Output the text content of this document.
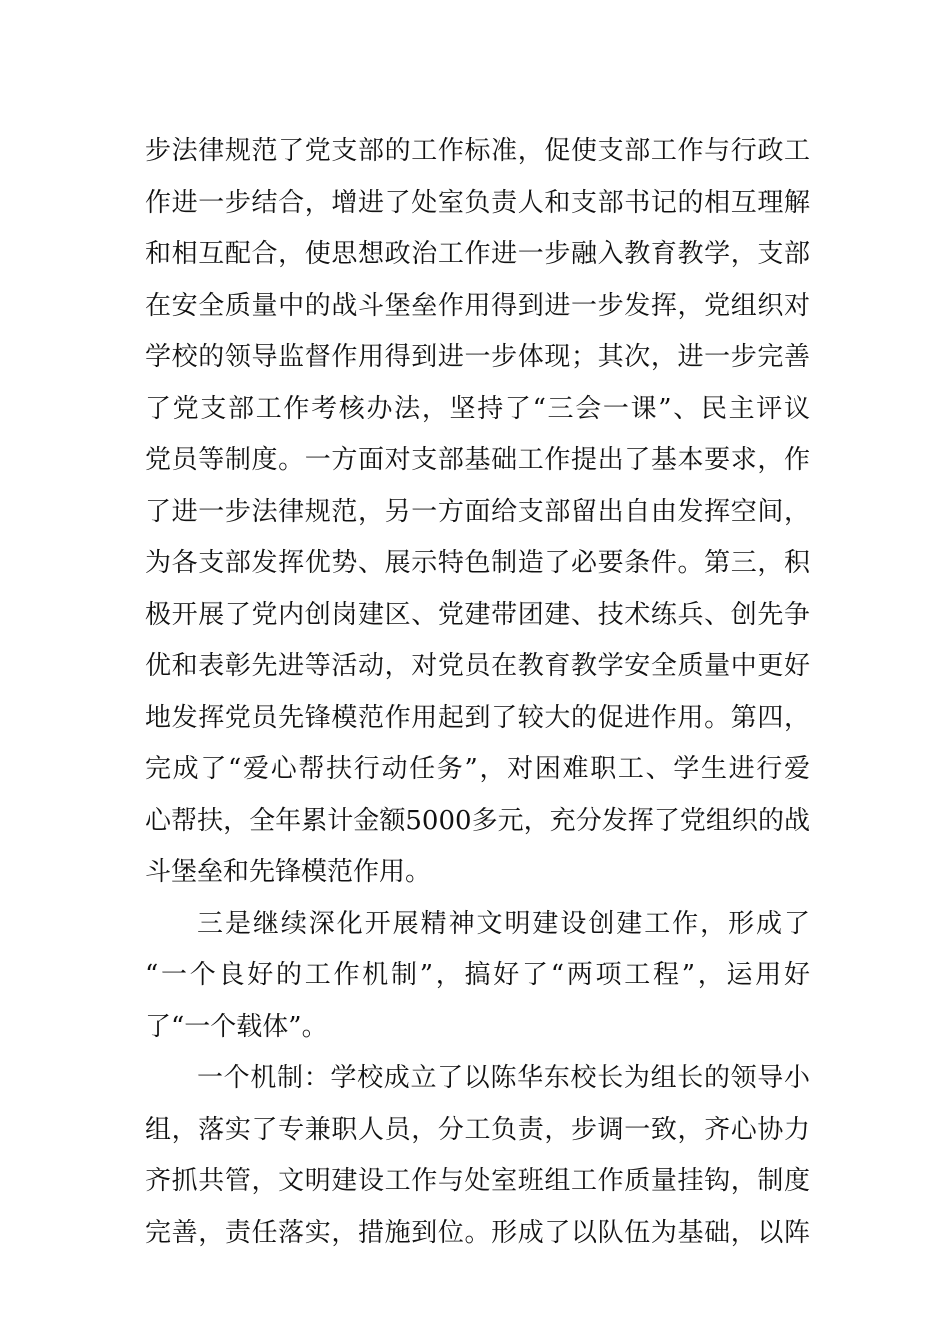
步法律规范了党支部的工作标准，促使支部工作与行政工
作进一步结合，增进了处室负责人和支部书记的相互理解
和相互配合，使思想政治工作进一步融入教育教学，支部
在安全质量中的战斗堡垒作用得到进一步发挥，党组织对
学校的领导监督作用得到进一步体现；其次，进一步完善
了党支部工作考核办法，坚持了“三会一课”、民主评议
党员等制度。一方面对支部基础工作提出了基本要求，作
了进一步法律规范，另一方面给支部留出自由发挥空间，
为各支部发挥优势、展示特色制造了必要条件。第三，积
极开展了党内创岗建区、党建带团建、技术练兵、创先争
优和表彰先进等活动，对党员在教育教学安全质量中更好
地发挥党员先锋模范作用起到了较大的促进作用。第四，
完成了“爱心帮扶行动任务”，对困难职工、学生进行爱
心帮扶，全年累计金额5000多元，充分发挥了党组织的战
斗堡垒和先锋模范作用。
三是继续深化开展精神文明建设创建工作，形成了
“一个良好的工作机制”，搞好了“两项工程”，运用好
了“一个载体”。
一个机制：学校成立了以陈华东校长为组长的领导小
组，落实了专兼职人员，分工负责，步调一致，齐心协力
齐抓共管，文明建设工作与处室班组工作质量挂钩，制度
完善，责任落实，措施到位。形成了以队伍为基础，以阵
